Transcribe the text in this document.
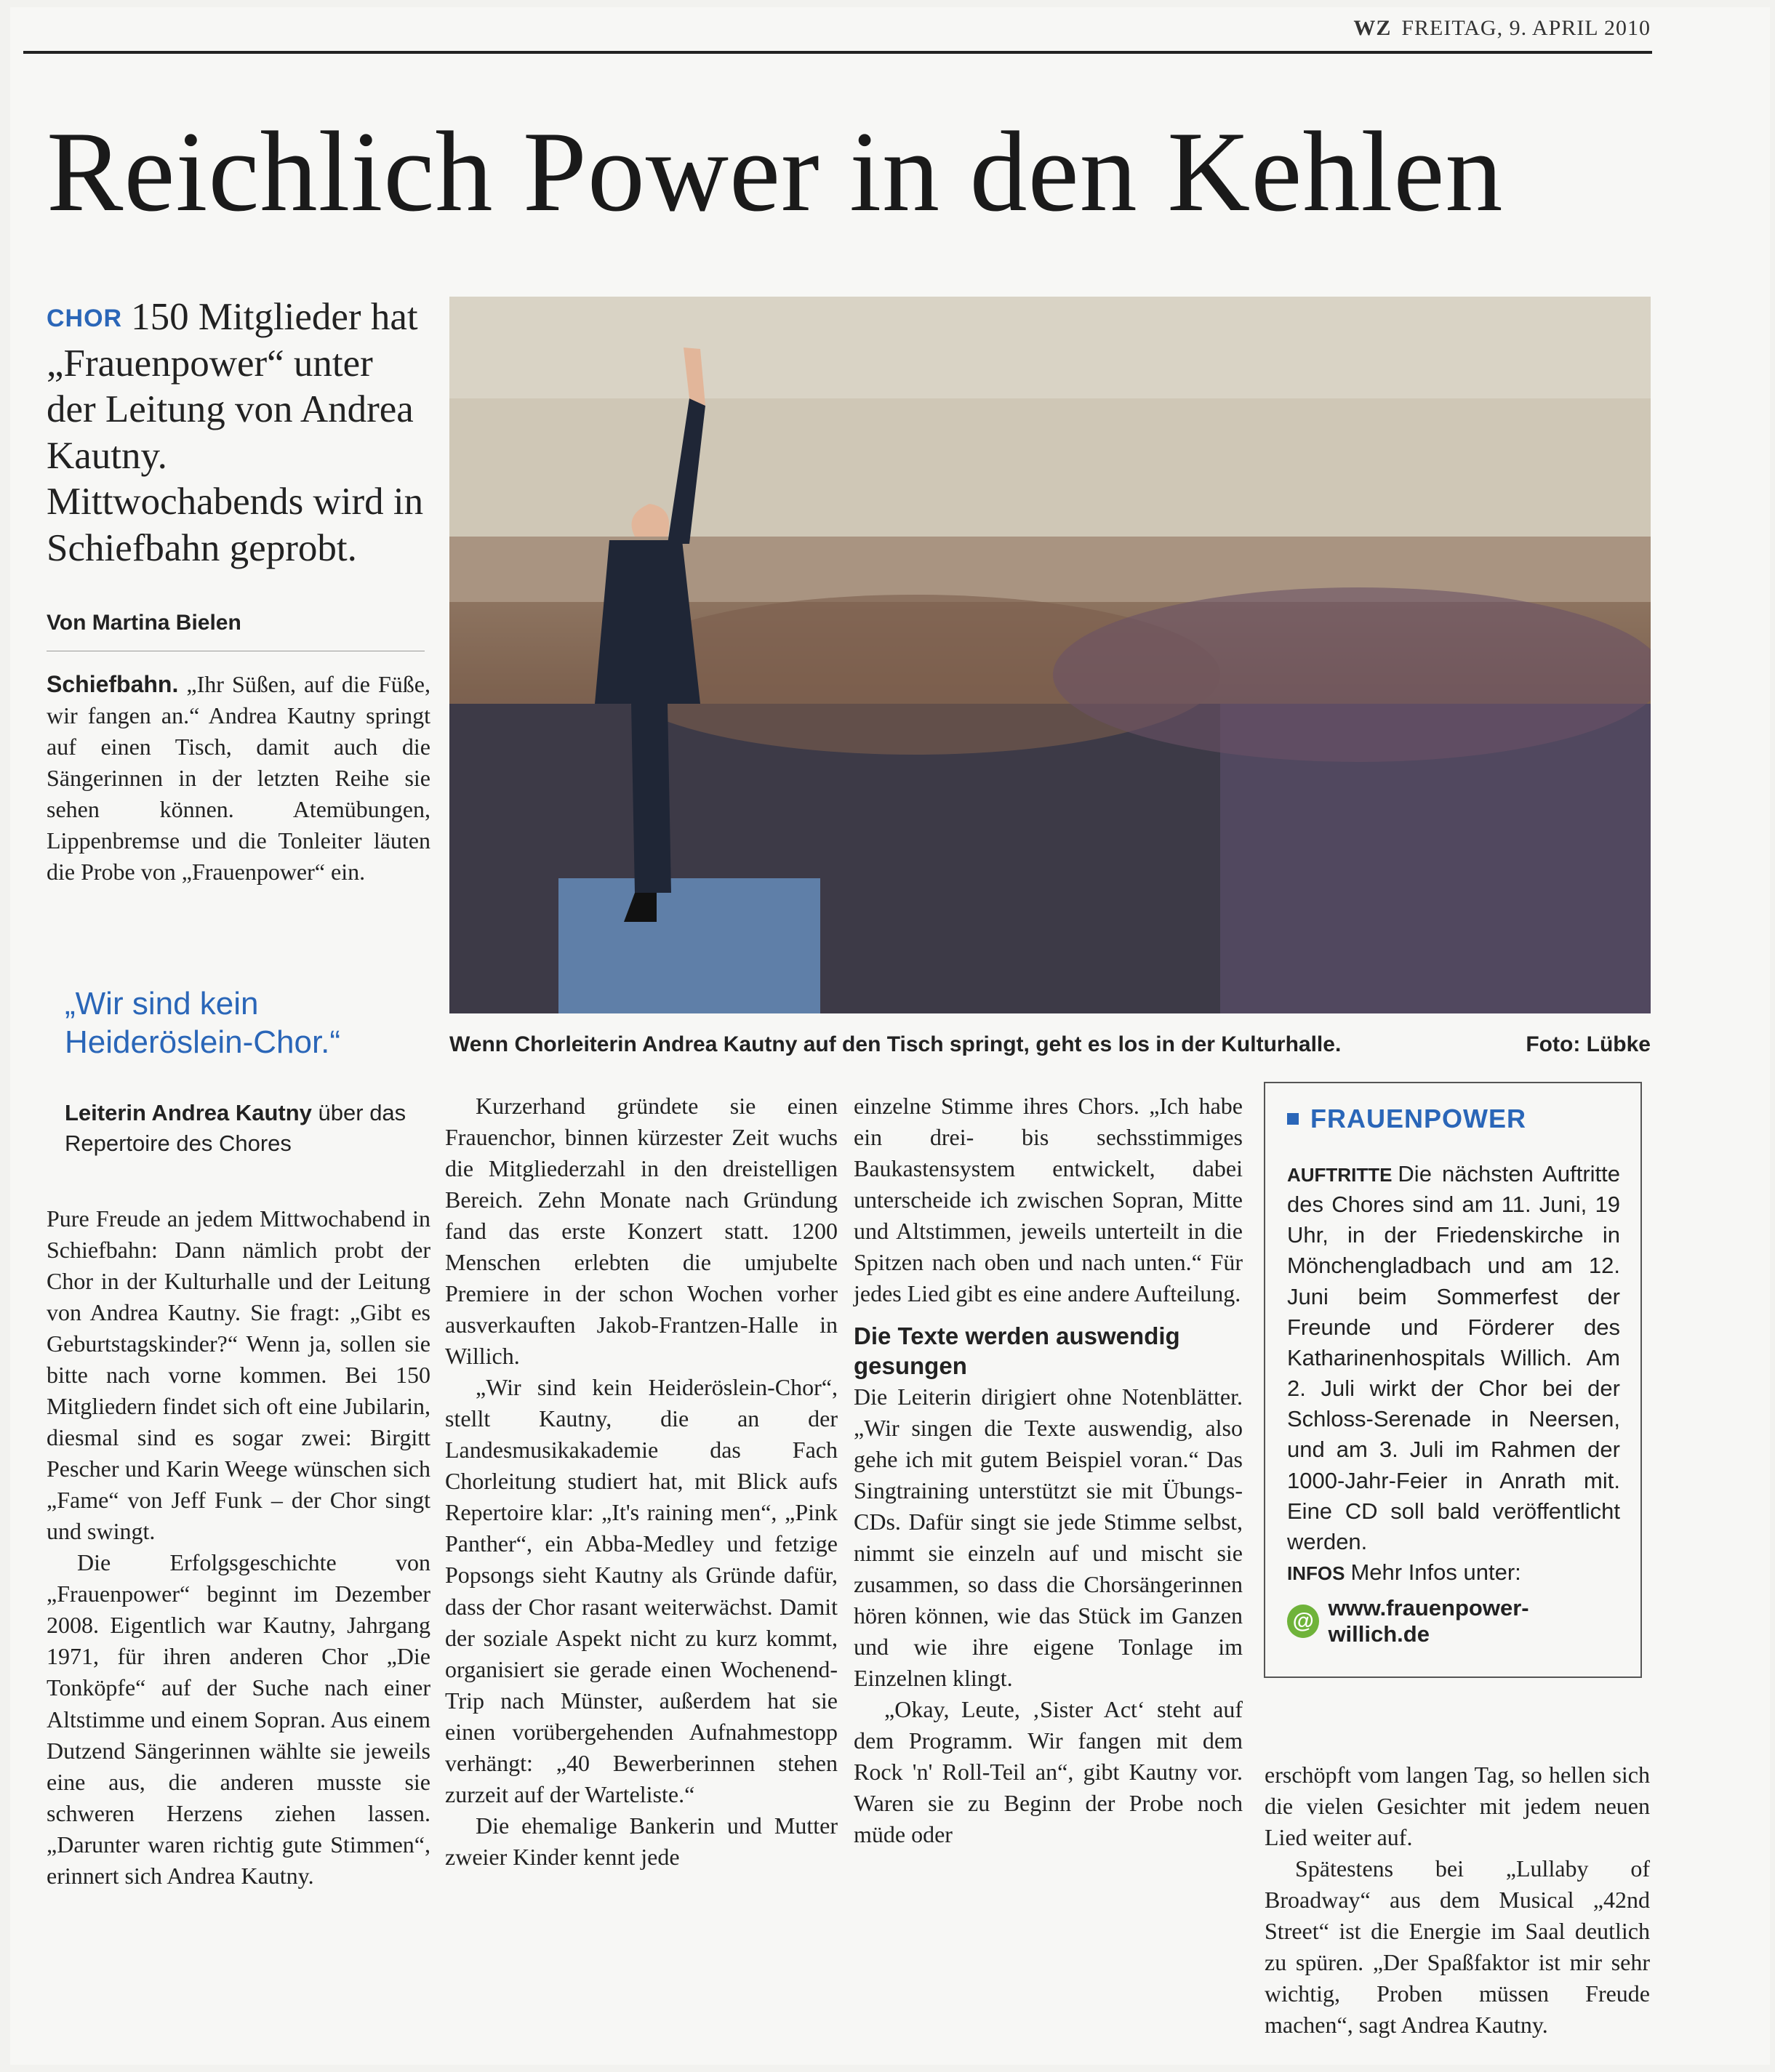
WZ FREITAG, 9. APRIL 2010
Reichlich Power in den Kehlen

CHOR 150 Mitglieder hat „Frauenpower“ unter der Leitung von Andrea Kautny. Mittwochabends wird in Schiefbahn geprobt.

Von Martina Bielen

Schiefbahn. „Ihr Süßen, auf die Füße, wir fangen an.“ Andrea Kautny springt auf einen Tisch, damit auch die Sängerinnen in der letzten Reihe sie sehen können. Atemübungen, Lippenbremse und die Tonleiter läuten die Probe von „Frauenpower“ ein.

„Wir sind kein Heideröslein-Chor.“

Leiterin Andrea Kautny über das Repertoire des Chores

Wenn Chorleiterin Andrea Kautny auf den Tisch springt, geht es los in der Kulturhalle.	Foto: Lübke

Pure Freude an jedem Mittwochabend in Schiefbahn: Dann nämlich probt der Chor in der Kulturhalle und der Leitung von Andrea Kautny. Sie fragt: „Gibt es Geburtstagskinder?“ Wenn ja, sollen sie bitte nach vorne kommen. Bei 150 Mitgliedern findet sich oft eine Jubilarin, diesmal sind es sogar zwei: Birgitt Pescher und Karin Weege wünschen sich „Fame“ von Jeff Funk – der Chor singt und swingt.

Die Erfolgsgeschichte von „Frauenpower“ beginnt im Dezember 2008. Eigentlich war Kautny, Jahrgang 1971, für ihren anderen Chor „Die Tonköpfe“ auf der Suche nach einer Altstimme und einem Sopran. Aus einem Dutzend Sängerinnen wählte sie jeweils eine aus, die anderen musste sie schweren Herzens ziehen lassen. „Darunter waren richtig gute Stimmen“, erinnert sich Andrea Kautny.

Kurzerhand gründete sie einen Frauenchor, binnen kürzester Zeit wuchs die Mitgliederzahl in den dreistelligen Bereich. Zehn Monate nach Gründung fand das erste Konzert statt. 1200 Menschen erlebten die umjubelte Premiere in der schon Wochen vorher ausverkauften Jakob-Frantzen-Halle in Willich.

„Wir sind kein Heideröslein-Chor“, stellt Kautny, die an der Landesmusikakademie das Fach Chorleitung studiert hat, mit Blick aufs Repertoire klar: „It's raining men“, „Pink Panther“, ein Abba-Medley und fetzige Popsongs sieht Kautny als Gründe dafür, dass der Chor rasant weiterwächst. Damit der soziale Aspekt nicht zu kurz kommt, organisiert sie gerade einen Wochenend-Trip nach Münster, außerdem hat sie einen vorübergehenden Aufnahmestopp verhängt: „40 Bewerberinnen stehen zurzeit auf der Warteliste.“

Die ehemalige Bankerin und Mutter zweier Kinder kennt jede

einzelne Stimme ihres Chors. „Ich habe ein drei- bis sechsstimmiges Baukastensystem entwickelt, dabei unterscheide ich zwischen Sopran, Mitte und Altstimmen, jeweils unterteilt in die Spitzen nach oben und nach unten.“ Für jedes Lied gibt es eine andere Aufteilung.

Die Texte werden auswendig gesungen

Die Leiterin dirigiert ohne Notenblätter. „Wir singen die Texte auswendig, also gehe ich mit gutem Beispiel voran.“ Das Singtraining unterstützt sie mit Übungs-CDs. Dafür singt sie jede Stimme selbst, nimmt sie einzeln auf und mischt sie zusammen, so dass die Chorsängerinnen hören können, wie das Stück im Ganzen und wie ihre eigene Tonlage im Einzelnen klingt.

„Okay, Leute, ‚Sister Act‘ steht auf dem Programm. Wir fangen mit dem Rock 'n' Roll-Teil an“, gibt Kautny vor. Waren sie zu Beginn der Probe noch müde oder

FRAUENPOWER

AUFTRITTE Die nächsten Auftritte des Chores sind am 11. Juni, 19 Uhr, in der Friedenskirche in Mönchengladbach und am 12. Juni beim Sommerfest der Freunde und Förderer des Katharinenhospitals Willich. Am 2. Juli wirkt der Chor bei der Schloss-Serenade in Neersen, und am 3. Juli im Rahmen der 1000-Jahr-Feier in Anrath mit. Eine CD soll bald veröffentlicht werden.

INFOS Mehr Infos unter:

@
www.frauenpower-willich.de

erschöpft vom langen Tag, so hellen sich die vielen Gesichter mit jedem neuen Lied weiter auf.

Spätestens bei „Lullaby of Broadway“ aus dem Musical „42nd Street“ ist die Energie im Saal deutlich zu spüren. „Der Spaßfaktor ist mir sehr wichtig, Proben müssen Freude machen“, sagt Andrea Kautny.
